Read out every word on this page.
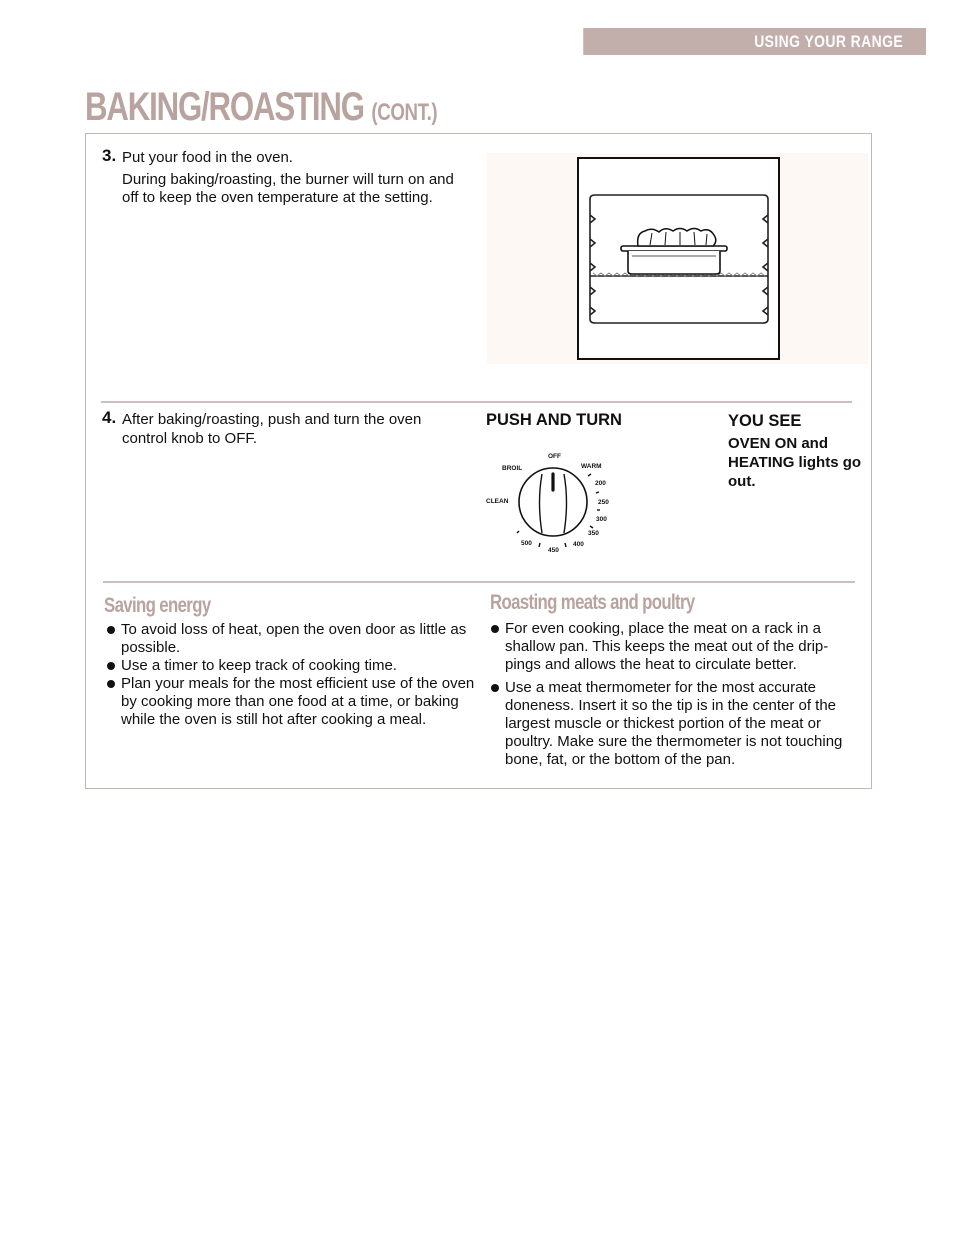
USING YOUR RANGE
BAKING/ROASTING (CONT.)
3. Put your food in the oven.

During baking/roasting, the burner will turn on and off to keep the oven temperature at the setting.

4. After baking/roasting, push and turn the oven control knob to OFF.

PUSH AND TURN	YOU SEE
OVEN ON and HEATING lights go out.
OFF
WARM
BROIL
CLEAN
200
250
300
350
400
450
500
Saving energy
To avoid loss of heat, open the oven door as little as possible.
Use a timer to keep track of cooking time.
Plan your meals for the most efficient use of the oven by cooking more than one food at a time, or baking while the oven is still hot after cooking a meal.
Roasting meats and poultry
For even cooking, place the meat on a rack in a shallow pan. This keeps the meat out of the drip- pings and allows the heat to circulate better.
Use a meat thermometer for the most accurate doneness. Insert it so the tip is in the center of the largest muscle or thickest portion of the meat or poultry. Make sure the thermometer is not touching bone, fat, or the bottom of the pan.
